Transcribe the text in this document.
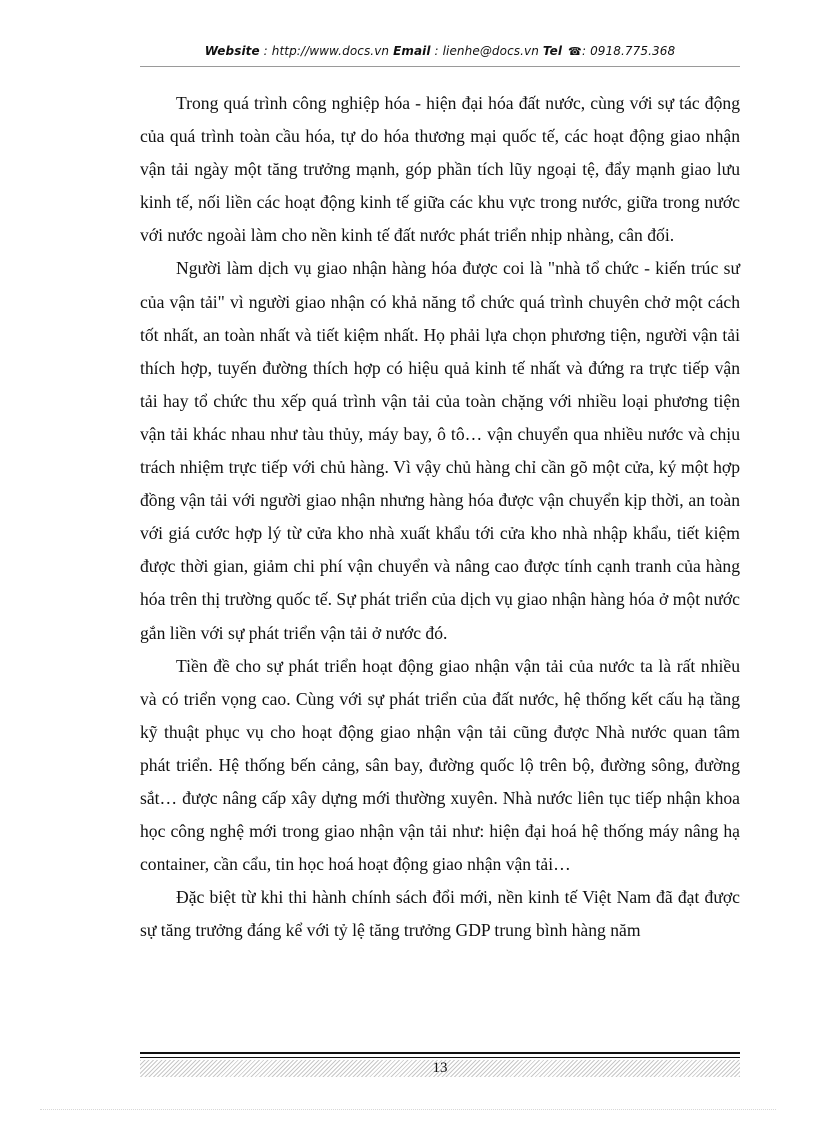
Website : http://www.docs.vn Email : lienhe@docs.vn Tel ☎: 0918.775.368

Trong quá trình công nghiệp hóa - hiện đại hóa đất nước, cùng với sự tác động của quá trình toàn cầu hóa, tự do hóa thương mại quốc tế, các hoạt động giao nhận vận tải ngày một tăng trưởng mạnh, góp phần tích lũy ngoại tệ, đẩy mạnh giao lưu kinh tế, nối liền các hoạt động kinh tế giữa các khu vực trong nước, giữa trong nước với nước ngoài làm cho nền kinh tế đất nước phát triển nhịp nhàng, cân đối.

Người làm dịch vụ giao nhận hàng hóa được coi là "nhà tổ chức - kiến trúc sư của vận tải" vì người giao nhận có khả năng tổ chức quá trình chuyên chở một cách tốt nhất, an toàn nhất và tiết kiệm nhất. Họ phải lựa chọn phương tiện, người vận tải thích hợp, tuyến đường thích hợp có hiệu quả kinh tế nhất và đứng ra trực tiếp vận tải hay tổ chức thu xếp quá trình vận tải của toàn chặng với nhiều loại phương tiện vận tải khác nhau như tàu thủy, máy bay, ô tô… vận chuyển qua nhiều nước và chịu trách nhiệm trực tiếp với chủ hàng. Vì vậy chủ hàng chỉ cần gõ một cửa, ký một hợp đồng vận tải với người giao nhận nhưng hàng hóa được vận chuyển kịp thời, an toàn với giá cước hợp lý từ cửa kho nhà xuất khẩu tới cửa kho nhà nhập khẩu, tiết kiệm được thời gian, giảm chi phí vận chuyển và nâng cao được tính cạnh tranh của hàng hóa trên thị trường quốc tế. Sự phát triển của dịch vụ giao nhận hàng hóa ở một nước gắn liền với sự phát triển vận tải ở nước đó.

Tiền đề cho sự phát triển hoạt động giao nhận vận tải của nước ta là rất nhiều và có triển vọng cao. Cùng với sự phát triển của đất nước, hệ thống kết cấu hạ tầng kỹ thuật phục vụ cho hoạt động giao nhận vận tải cũng được Nhà nước quan tâm phát triển. Hệ thống bến cảng, sân bay, đường quốc lộ trên bộ, đường sông, đường sắt… được nâng cấp xây dựng mới thường xuyên. Nhà nước liên tục tiếp nhận khoa học công nghệ mới trong giao nhận vận tải như: hiện đại hoá hệ thống máy nâng hạ container, cần cẩu, tin học hoá hoạt động giao nhận vận tải…

Đặc biệt từ khi thi hành chính sách đổi mới, nền kinh tế Việt Nam đã đạt được sự tăng trưởng đáng kể với tỷ lệ tăng trưởng GDP trung bình hàng năm

13
